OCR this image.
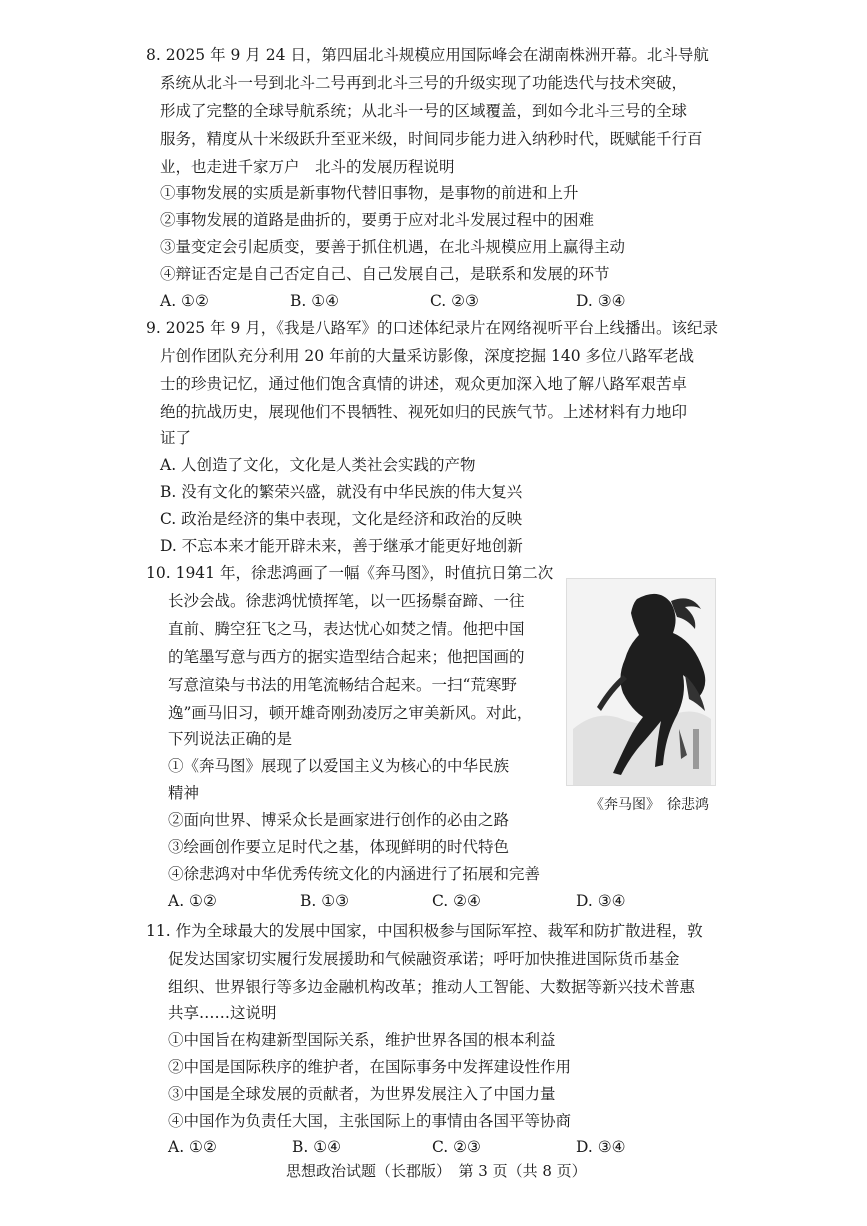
8. 2025 年 9 月 24 日，第四届北斗规模应用国际峰会在湖南株洲开幕。北斗导航
系统从北斗一号到北斗二号再到北斗三号的升级实现了功能迭代与技术突破，
形成了完整的全球导航系统；从北斗一号的区域覆盖，到如今北斗三号的全球
服务，精度从十米级跃升至亚米级，时间同步能力进入纳秒时代，既赋能千行百
业，也走进千家万户　北斗的发展历程说明
①事物发展的实质是新事物代替旧事物，是事物的前进和上升
②事物发展的道路是曲折的，要勇于应对北斗发展过程中的困难
③量变定会引起质变，要善于抓住机遇，在北斗规模应用上赢得主动
④辩证否定是自己否定自己、自己发展自己，是联系和发展的环节
A. ①②	B. ①④	C. ②③	D. ③④
9. 2025 年 9 月，《我是八路军》的口述体纪录片在网络视听平台上线播出。该纪录
片创作团队充分利用 20 年前的大量采访影像，深度挖掘 140 多位八路军老战
士的珍贵记忆，通过他们饱含真情的讲述，观众更加深入地了解八路军艰苦卓
绝的抗战历史，展现他们不畏牺牲、视死如归的民族气节。上述材料有力地印
证了
A. 人创造了文化，文化是人类社会实践的产物
B. 没有文化的繁荣兴盛，就没有中华民族的伟大复兴
C. 政治是经济的集中表现，文化是经济和政治的反映
D. 不忘本来才能开辟未来，善于继承才能更好地创新
10. 1941 年，徐悲鸿画了一幅《奔马图》，时值抗日第二次
长沙会战。徐悲鸿忧愤挥笔，以一匹扬鬃奋蹄、一往
直前、腾空狂飞之马，表达忧心如焚之情。他把中国
的笔墨写意与西方的据实造型结合起来；他把国画的
写意渲染与书法的用笔流畅结合起来。一扫“荒寒野
逸”画马旧习，顿开雄奇刚劲凌厉之审美新风。对此，
下列说法正确的是
①《奔马图》展现了以爱国主义为核心的中华民族
精神
②面向世界、博采众长是画家进行创作的必由之路
③绘画创作要立足时代之基，体现鲜明的时代特色
④徐悲鸿对中华优秀传统文化的内涵进行了拓展和完善
A. ①②	B. ①③	C. ②④	D. ③④
《奔马图》　徐悲鸿
11. 作为全球最大的发展中国家，中国积极参与国际军控、裁军和防扩散进程，敦
促发达国家切实履行发展援助和气候融资承诺；呼吁加快推进国际货币基金
组织、世界银行等多边金融机构改革；推动人工智能、大数据等新兴技术普惠
共享……这说明
①中国旨在构建新型国际关系，维护世界各国的根本利益
②中国是国际秩序的维护者，在国际事务中发挥建设性作用
③中国是全球发展的贡献者，为世界发展注入了中国力量
④中国作为负责任大国，主张国际上的事情由各国平等协商
A. ①②	B. ①④	C. ②③	D. ③④
思想政治试题（长郡版）　第 3 页（共 8 页）
